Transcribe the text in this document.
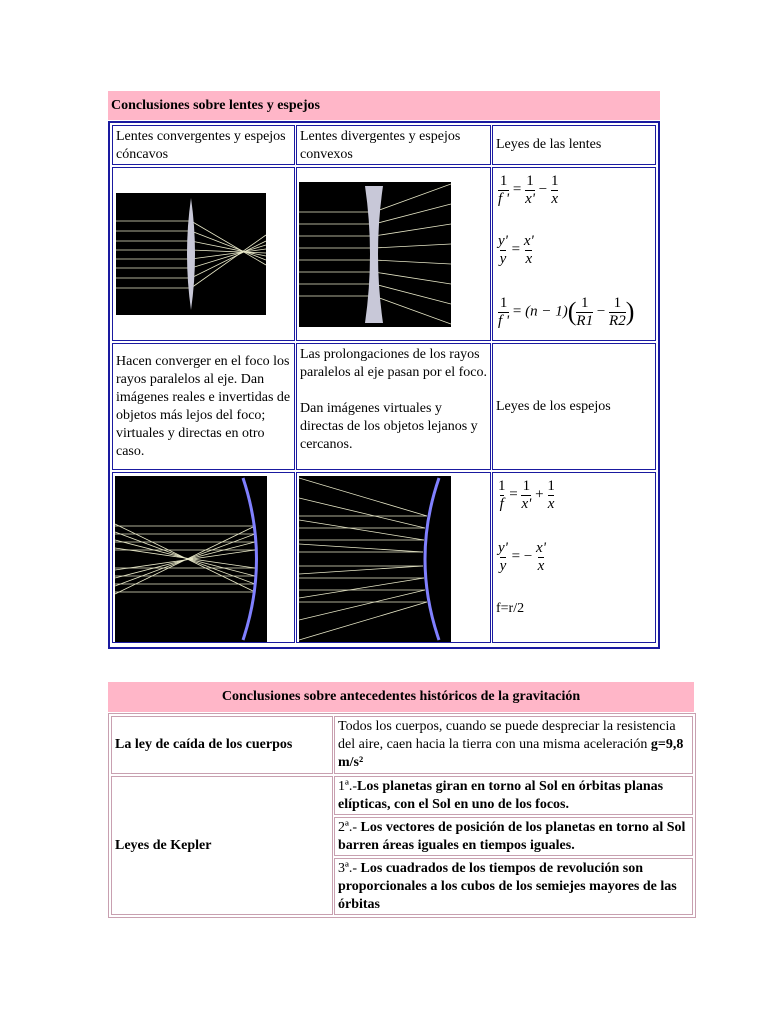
Conclusiones sobre lentes y espejos
Lentes convergentes y espejos cóncavos
Lentes divergentes y espejos convexos
Leyes de las lentes
$\frac{1}{f '} = \frac{1}{x'} - \frac{1}{x}$
$\frac{y'}{y} = \frac{x'}{x}$
$\frac{1}{f '} = (n - 1)(\frac{1}{R1} - \frac{1}{R2})$
Hacen converger en el foco los rayos paralelos al eje. Dan imágenes reales e invertidas de objetos más lejos del foco; virtuales y directas en otro caso.
Las prolongaciones de los rayos paralelos al eje pasan por el foco.
Dan imágenes virtuales y directas de los objetos lejanos y cercanos.
Leyes de los espejos
$\frac{1}{f} = \frac{1}{x'} + \frac{1}{x}$
$\frac{y'}{y}$ = − $\frac{x'}{x}$
f=r/2
Conclusiones sobre antecedentes históricos de la gravitación
La ley de caída de los cuerpos
Todos los cuerpos, cuando se puede despreciar la resistencia del aire, caen hacia la tierra con una misma aceleración g=9,8 m/s²
Leyes de Kepler
1ª.-Los planetas giran en torno al Sol en órbitas planas elípticas, con el Sol en uno de los focos.
2ª.- Los vectores de posición de los planetas en torno al Sol barren áreas iguales en tiempos iguales.
3ª.- Los cuadrados de los tiempos de revolución son proporcionales a los cubos de los semiejes mayores de las órbitas
